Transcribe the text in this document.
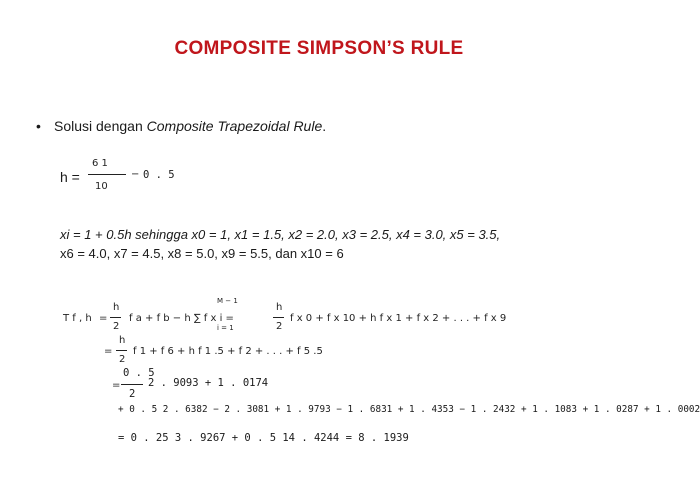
COMPOSITE SIMPSON’S RULE
• Solusi dengan Composite Trapezoidal Rule.
h =
6 1
10
− 0 . 5
xi = 1 + 0.5h sehingga x0 = 1, x1 = 1.5, x2 = 2.0, x3 = 2.5, x4 = 3.0, x5 = 3.5,
x6 = 4.0, x7 = 4.5, x8 = 5.0, x9 = 5.5, dan x10 = 6
T f , h =
h
2
f a + f b − h ∑ f x i =
M − 1
i = 1
h
2
f x 0 + f x 10 + h f x 1 + f x 2 + . . . + f x 9
=
h
2
f 1 + f 6 + h f 1 .5 + f 2 + . . . + f 5 .5
=
0 . 5
2
2 . 9093 + 1 . 0174
+ 0 . 5 2 . 6382 − 2 . 3081 + 1 . 9793 − 1 . 6831 + 1 . 4353 − 1 . 2432 + 1 . 1083 + 1 . 0287 + 1 . 0002
= 0 . 25 3 . 9267 + 0 . 5 14 . 4244 = 8 . 1939
